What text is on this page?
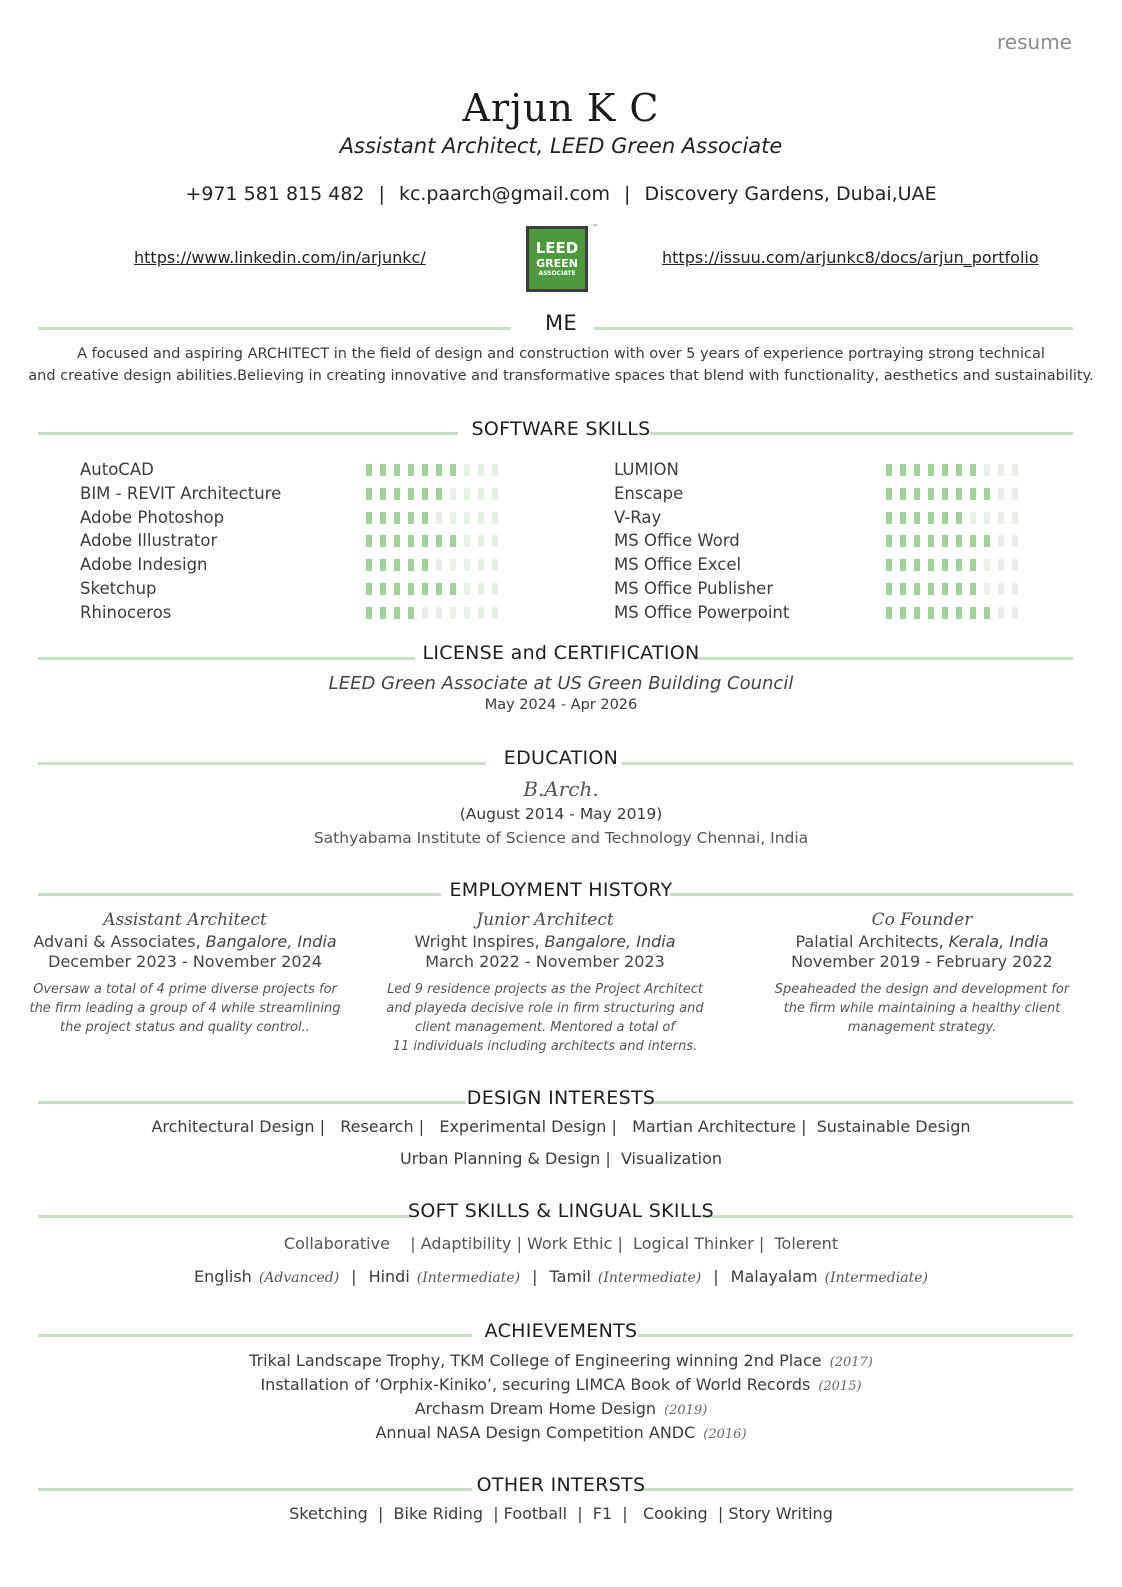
resume
Arjun K C
Assistant Architect, LEED Green Associate
+971 581 815 482 | kc.paarch@gmail.com | Discovery Gardens, Dubai,UAE
https://www.linkedin.com/in/arjunkc/	LEED
GREEN
ASSOCIATE
™
https://issuu.com/arjunkc8/docs/arjun_portfolio
ME
A focused and aspiring ARCHITECT in the field of design and construction with over 5 years of experience portraying strong technical
and creative design abilities.Believing in creating innovative and transformative spaces that blend with functionality, aesthetics and sustainability.
SOFTWARE SKILLS
AutoCAD
BIM - REVIT Architecture
Adobe Photoshop
Adobe Illustrator
Adobe Indesign
Sketchup
Rhinoceros
LUMION
Enscape
V-Ray
MS Office Word
MS Office Excel
MS Office Publisher
MS Office Powerpoint
LICENSE and CERTIFICATION
LEED Green Associate at US Green Building Council
May 2024 - Apr 2026
EDUCATION
B.Arch.
(August 2014 - May 2019)
Sathyabama Institute of Science and Technology Chennai, India
EMPLOYMENT HISTORY
Assistant Architect
Advani & Associates, Bangalore, India
December 2023 - November 2024
Oversaw a total of 4 prime diverse projects for
the firm leading a group of 4 while streamlining
the project status and quality control..
Junior Architect
Wright Inspires, Bangalore, India
March 2022 - November 2023
Led 9 residence projects as the Project Architect
and playeda decisive role in firm structuring and
client management. Mentored a total of
11 individuals including architects and interns.
Co Founder
Palatial Architects, Kerala, India
November 2019 - February 2022
Speaheaded the design and development for
the firm while maintaining a healthy client
management strategy.
DESIGN INTERESTS
Architectural Design |   Research |   Experimental Design |   Martian Architecture |  Sustainable Design
Urban Planning & Design |  Visualization
SOFT SKILLS & LINGUAL SKILLS
Collaborative    | Adaptibility | Work Ethic |  Logical Thinker |  Tolerent
English (Advanced) | Hindi (Intermediate) | Tamil (Intermediate) | Malayalam (Intermediate)
ACHIEVEMENTS
Trikal Landscape Trophy, TKM College of Engineering winning 2nd Place (2017)
Installation of ‘Orphix-Kiniko’, securing LIMCA Book of World Records (2015)
Archasm Dream Home Design (2019)
Annual NASA Design Competition ANDC (2016)
OTHER INTERSTS
Sketching  |  Bike Riding  | Football  |  F1  |   Cooking  | Story Writing
